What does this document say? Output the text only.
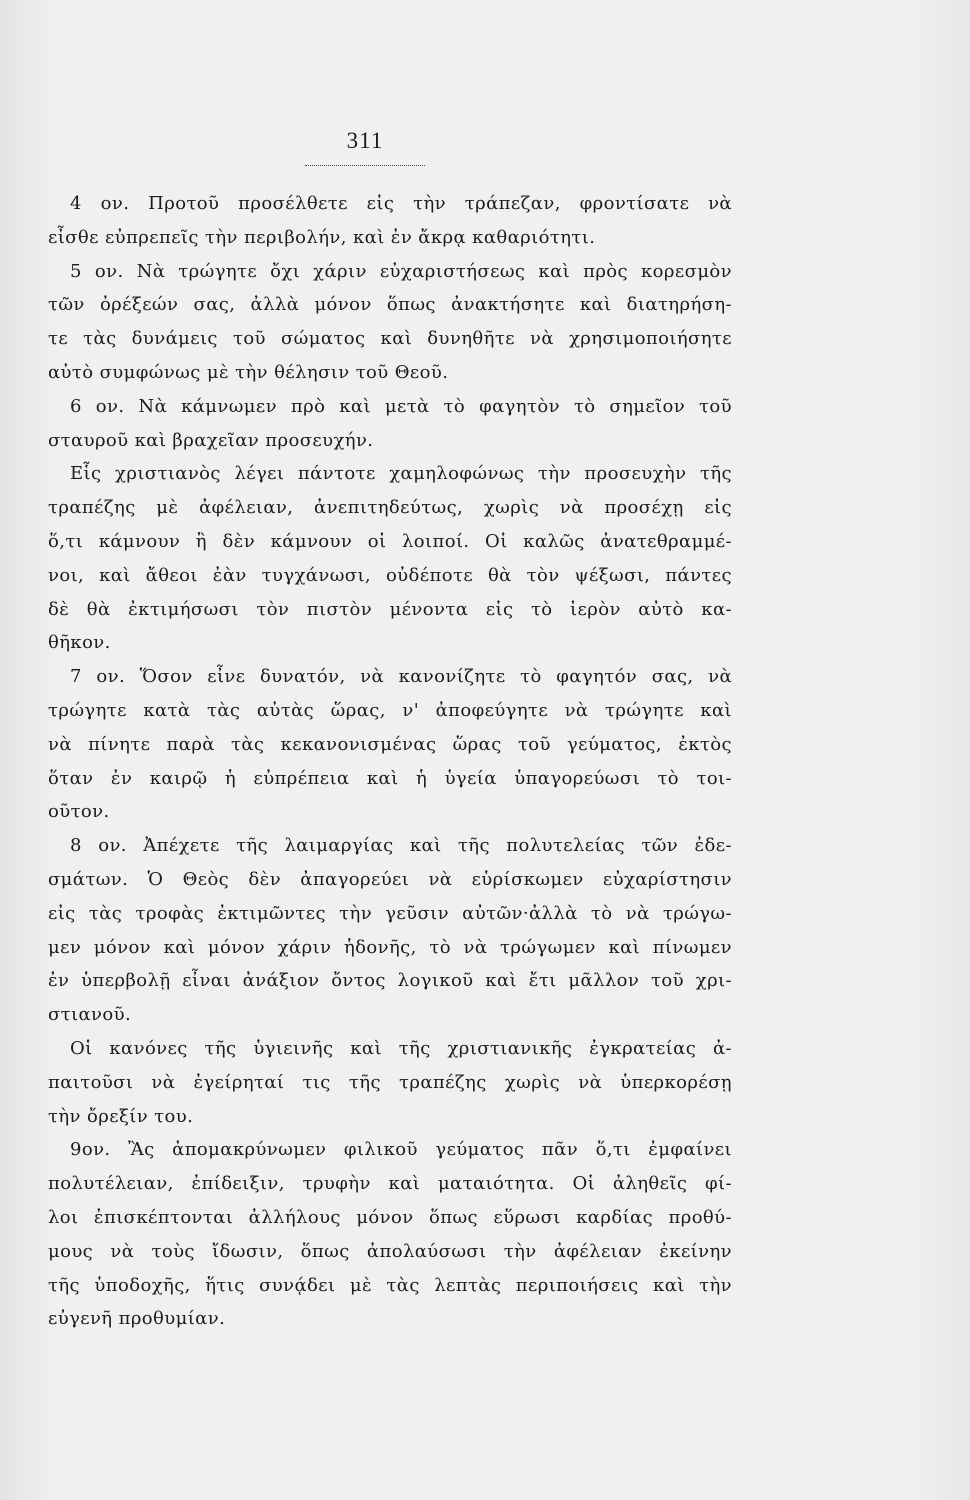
311

4 ον. Προτοῦ προσέλθετε εἰς τὴν τράπεζαν, φροντίσατε νὰ
εἶσθε εὐπρεπεῖς τὴν περιβολήν, καὶ ἐν ἄκρᾳ καθαριότητι.

5 ον. Νὰ τρώγητε ὄχι χάριν εὐχαριστήσεως καὶ πρὸς κορεσμὸν
τῶν ὀρέξεών σας, ἀλλὰ μόνον ὅπως ἀνακτήσητε καὶ διατηρήση-
τε τὰς δυνάμεις τοῦ σώματος καὶ δυνηθῆτε νὰ χρησιμοποιήσητε
αὐτὸ συμφώνως μὲ τὴν θέλησιν τοῦ Θεοῦ.

6 ον. Νὰ κάμνωμεν πρὸ καὶ μετὰ τὸ φαγητὸν τὸ σημεῖον τοῦ
σταυροῦ καὶ βραχεῖαν προσευχήν.

Εἷς χριστιανὸς λέγει πάντοτε χαμηλοφώνως τὴν προσευχὴν τῆς
τραπέζης μὲ ἀφέλειαν, ἀνεπιτηδεύτως, χωρὶς νὰ προσέχῃ εἰς
ὅ,τι κάμνουν ἢ δὲν κάμνουν οἱ λοιποί. Οἱ καλῶς ἀνατεθραμμέ-
νοι, καὶ ἄθεοι ἐὰν τυγχάνωσι, οὐδέποτε θὰ τὸν ψέξωσι, πάντες
δὲ θὰ ἐκτιμήσωσι τὸν πιστὸν μένοντα εἰς τὸ ἱερὸν αὐτὸ κα-
θῆκον.

7 ον. Ὅσον εἶνε δυνατόν, νὰ κανονίζητε τὸ φαγητόν σας, νὰ
τρώγητε κατὰ τὰς αὐτὰς ὥρας, ν' ἀποφεύγητε νὰ τρώγητε καὶ
νὰ πίνητε παρὰ τὰς κεκανονισμένας ὥρας τοῦ γεύματος, ἐκτὸς
ὅταν ἐν καιρῷ ἡ εὐπρέπεια καὶ ἡ ὑγεία ὑπαγορεύωσι τὸ τοι-
οῦτον.

8 ον. Ἀπέχετε τῆς λαιμαργίας καὶ τῆς πολυτελείας τῶν ἐδε-
σμάτων. Ὁ Θεὸς δὲν ἀπαγορεύει νὰ εὑρίσκωμεν εὐχαρίστησιν
εἰς τὰς τροφὰς ἐκτιμῶντες τὴν γεῦσιν αὐτῶν·ἀλλὰ τὸ νὰ τρώγω-
μεν μόνον καὶ μόνον χάριν ἡδονῆς, τὸ νὰ τρώγωμεν καὶ πίνωμεν
ἐν ὑπερβολῇ εἶναι ἀνάξιον ὄντος λογικοῦ καὶ ἔτι μᾶλλον τοῦ χρι-
στιανοῦ.

Οἱ κανόνες τῆς ὑγιεινῆς καὶ τῆς χριστιανικῆς ἐγκρατείας ἀ-
παιτοῦσι νὰ ἐγείρηταί τις τῆς τραπέζης χωρὶς νὰ ὑπερκορέσῃ
τὴν ὄρεξίν του.

9ον. Ἂς ἀπομακρύνωμεν φιλικοῦ γεύματος πᾶν ὅ,τι ἐμφαίνει
πολυτέλειαν, ἐπίδειξιν, τρυφὴν καὶ ματαιότητα. Οἱ ἀληθεῖς φί-
λοι ἐπισκέπτονται ἀλλήλους μόνον ὅπως εὕρωσι καρδίας προθύ-
μους νὰ τοὺς ἴδωσιν, ὅπως ἀπολαύσωσι τὴν ἀφέλειαν ἐκείνην
τῆς ὑποδοχῆς, ἥτις συνᾴδει μὲ τὰς λεπτὰς περιποιήσεις καὶ τὴν
εὐγενῆ προθυμίαν.
